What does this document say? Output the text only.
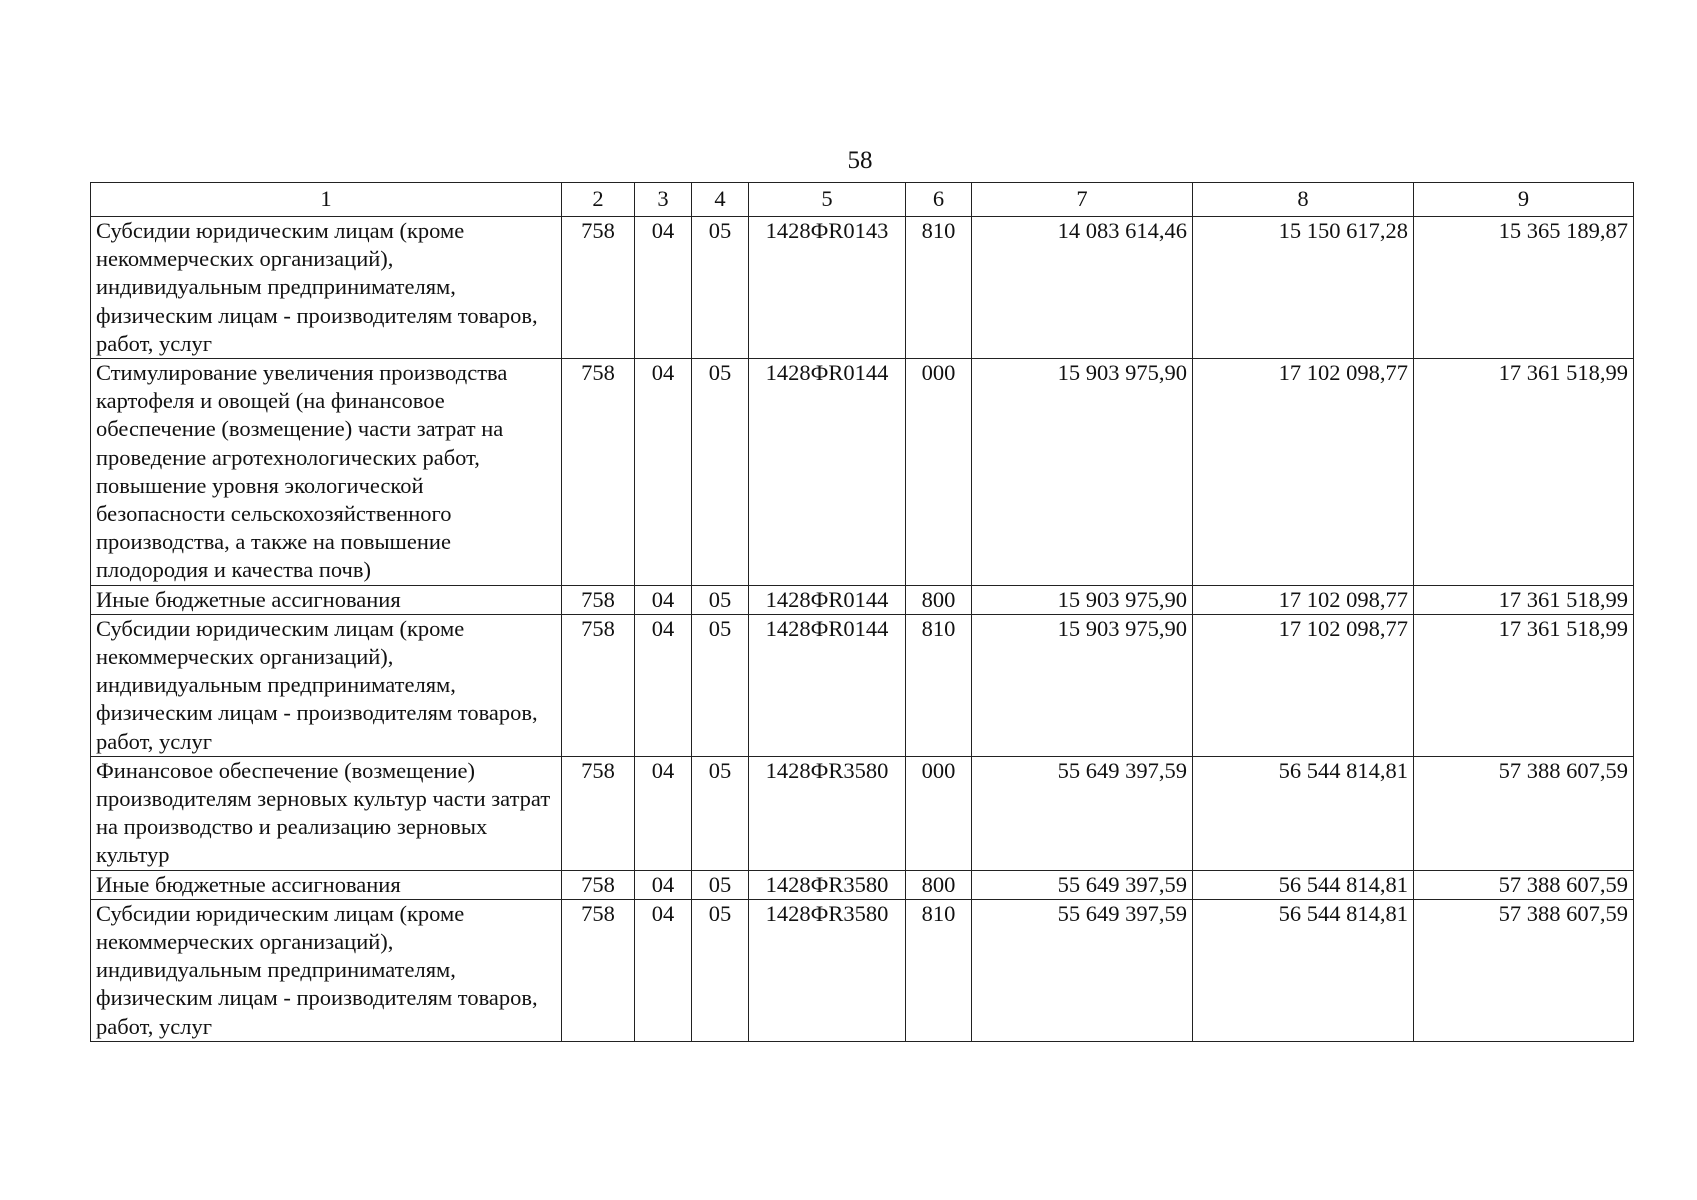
58
1	2	3	4	5	6	7	8	9
Субсидии юридическим лицам (кроме некоммерческих организаций), индивидуальным предпринимателям, физическим лицам - производителям товаров, работ, услуг	758	04	05	1428ФR0143	810	14 083 614,46	15 150 617,28	15 365 189,87
Стимулирование увеличения производства картофеля и овощей (на финансовое обеспечение (возмещение) части затрат на проведение агротехнологических работ, повышение уровня экологической безопасности сельскохозяйственного производства, а также на повышение плодородия и качества почв)	758	04	05	1428ФR0144	000	15 903 975,90	17 102 098,77	17 361 518,99
Иные бюджетные ассигнования	758	04	05	1428ФR0144	800	15 903 975,90	17 102 098,77	17 361 518,99
Субсидии юридическим лицам (кроме некоммерческих организаций), индивидуальным предпринимателям, физическим лицам - производителям товаров, работ, услуг	758	04	05	1428ФR0144	810	15 903 975,90	17 102 098,77	17 361 518,99
Финансовое обеспечение (возмещение) производителям зерновых культур части затрат на производство и реализацию зерновых культур	758	04	05	1428ФR3580	000	55 649 397,59	56 544 814,81	57 388 607,59
Иные бюджетные ассигнования	758	04	05	1428ФR3580	800	55 649 397,59	56 544 814,81	57 388 607,59
Субсидии юридическим лицам (кроме некоммерческих организаций), индивидуальным предпринимателям, физическим лицам - производителям товаров, работ, услуг	758	04	05	1428ФR3580	810	55 649 397,59	56 544 814,81	57 388 607,59
